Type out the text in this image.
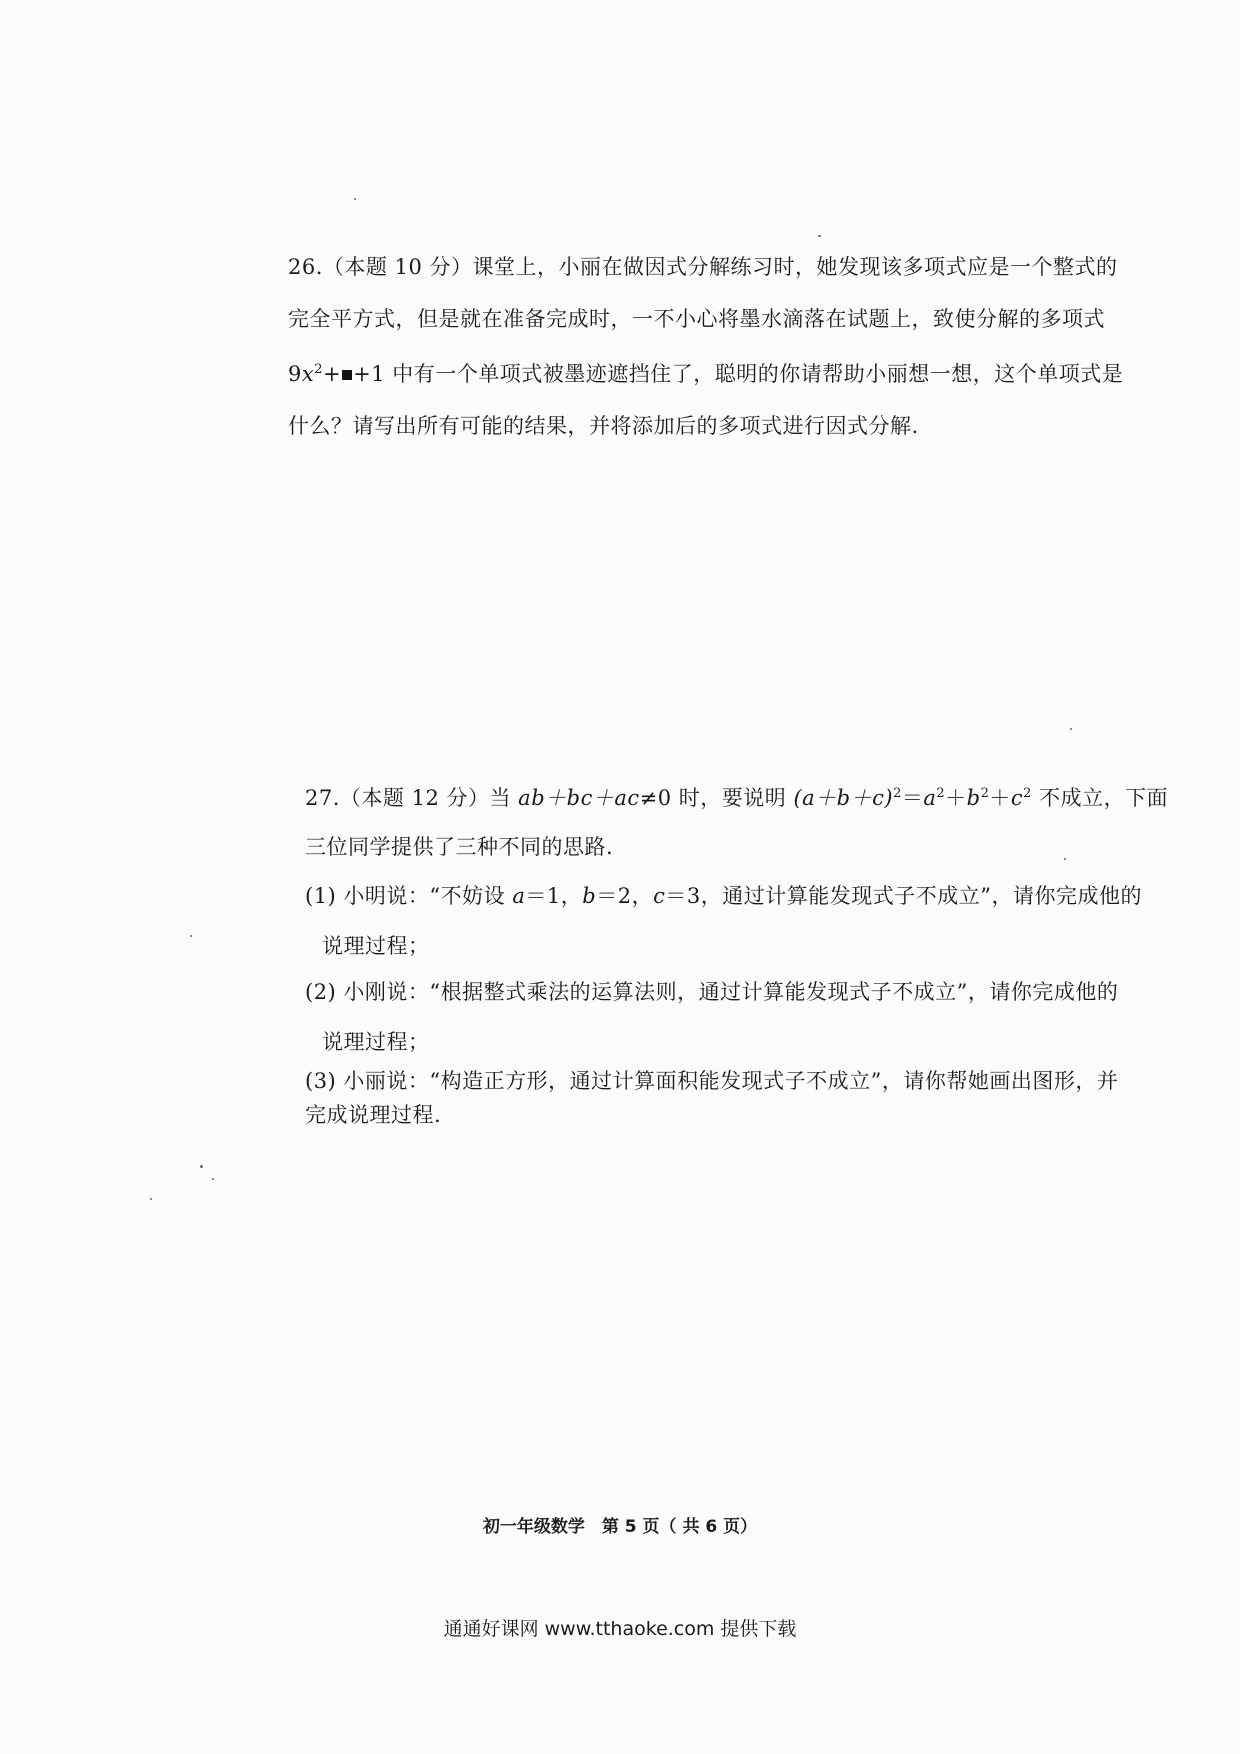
26.（本题 10 分）课堂上，小丽在做因式分解练习时，她发现该多项式应是一个整式的
完全平方式，但是就在准备完成时，一不小心将墨水滴落在试题上，致使分解的多项式
$9x^2+ +1$ 中有一个单项式被墨迹遮挡住了，聪明的你请帮助小丽想一想，这个单项式是
什么？请写出所有可能的结果，并将添加后的多项式进行因式分解.
27.（本题 12 分）当 ab＋bc＋ac≠0 时，要说明 $(a+b+c)^2=a^2+b^2+c^2$ 不成立，下面
三位同学提供了三种不同的思路.
(1) 小明说：“不妨设 a＝1，b＝2，c＝3，通过计算能发现式子不成立”，请你完成他的
说理过程；
(2) 小刚说：“根据整式乘法的运算法则，通过计算能发现式子不成立”，请你完成他的
说理过程；
(3) 小丽说：“构造正方形，通过计算面积能发现式子不成立”，请你帮她画出图形，并
完成说理过程.
初一年级数学　第 5 页（ 共 6 页）
通通好课网 www.tthaoke.com 提供下载
